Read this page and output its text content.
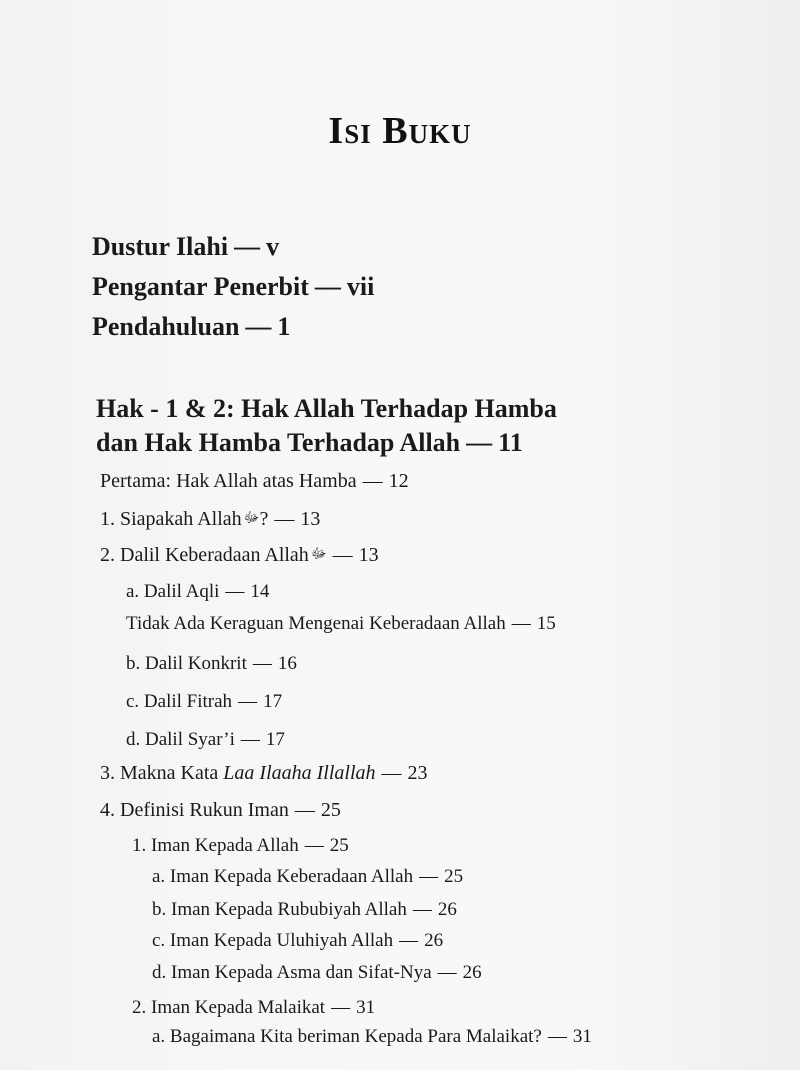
Isi Buku
Dustur Ilahi — v
Pengantar Penerbit — vii
Pendahuluan — 1
Hak - 1 & 2: Hak Allah Terhadap Hamba
dan Hak Hamba Terhadap Allah — 11
Pertama: Hak Allah atas Hamba — 12
1. Siapakah Allah ﷻ? — 13
2. Dalil Keberadaan Allah ﷻ — 13
a. Dalil Aqli — 14
Tidak Ada Keraguan Mengenai Keberadaan Allah — 15
b. Dalil Konkrit — 16
c. Dalil Fitrah — 17
d. Dalil Syar’i — 17
3. Makna Kata Laa Ilaaha Illallah — 23
4. Definisi Rukun Iman — 25
1. Iman Kepada Allah — 25
a. Iman Kepada Keberadaan Allah — 25
b. Iman Kepada Rububiyah Allah — 26
c. Iman Kepada Uluhiyah Allah — 26
d. Iman Kepada Asma dan Sifat-Nya — 26
2. Iman Kepada Malaikat — 31
a. Bagaimana Kita beriman Kepada Para Malaikat? — 31
